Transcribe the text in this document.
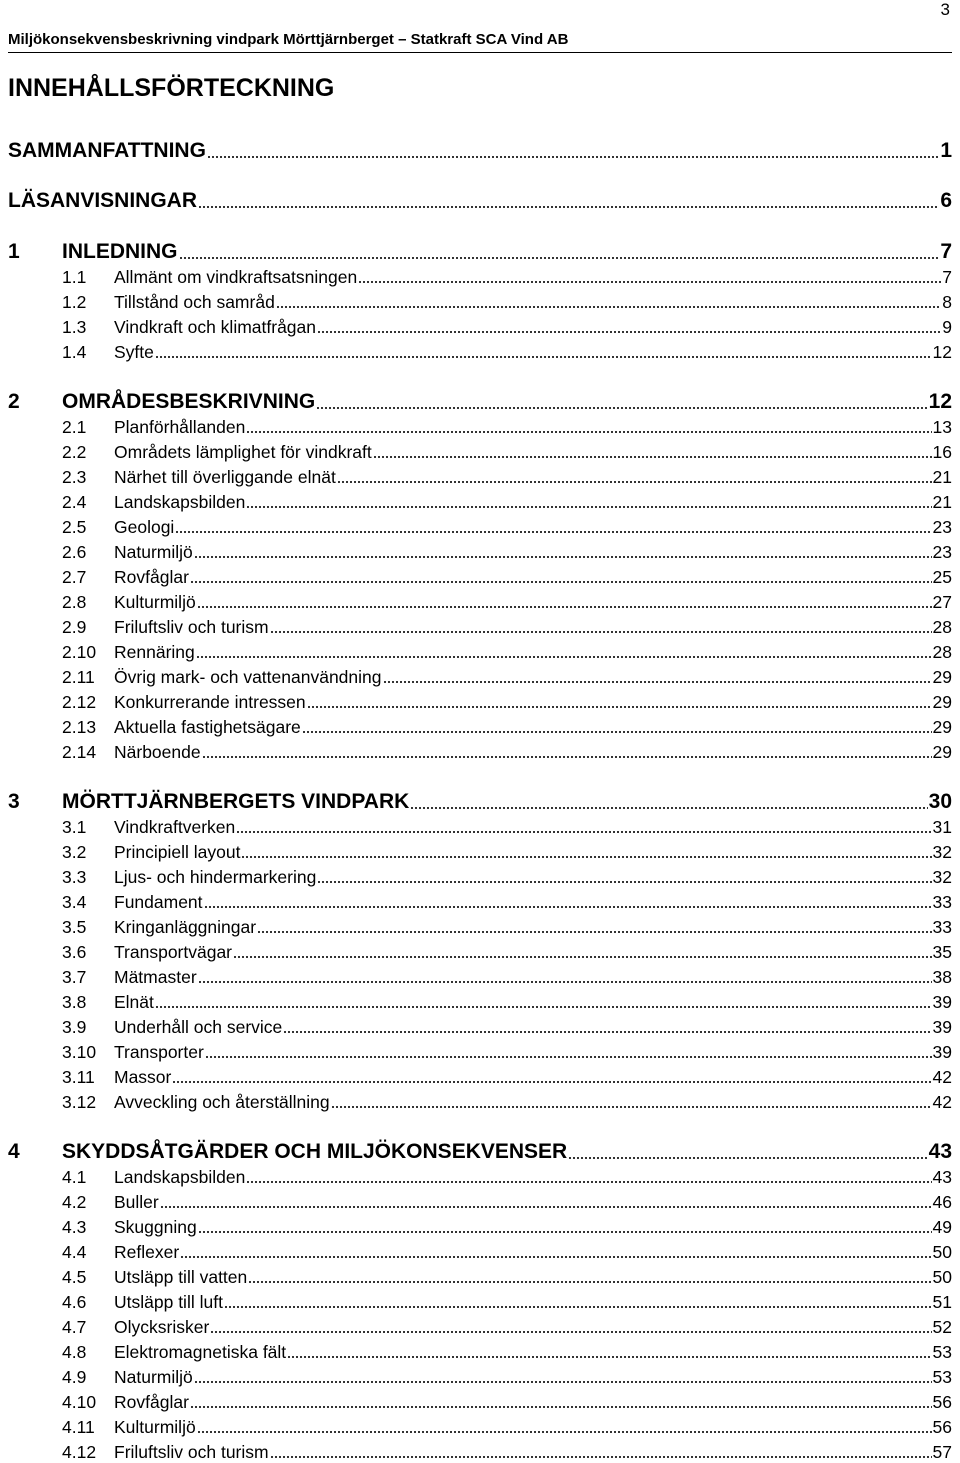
3
Miljökonsekvensbeskrivning vindpark Mörttjärnberget – Statkraft SCA Vind AB
INNEHÅLLSFÖRTECKNING
SAMMANFATTNING	1
LÄSANVISNINGAR	6
1	INLEDNING	7
1.1	Allmänt om vindkraftsatsningen	7
1.2	Tillstånd och samråd	8
1.3	Vindkraft och klimatfrågan	9
1.4	Syfte	12
2	OMRÅDESBESKRIVNING	12
2.1	Planförhållanden	13
2.2	Områdets lämplighet för vindkraft	16
2.3	Närhet till överliggande elnät	21
2.4	Landskapsbilden	21
2.5	Geologi	23
2.6	Naturmiljö	23
2.7	Rovfåglar	25
2.8	Kulturmiljö	27
2.9	Friluftsliv och turism	28
2.10	Rennäring	28
2.11	Övrig mark- och vattenanvändning	29
2.12	Konkurrerande intressen	29
2.13	Aktuella fastighetsägare	29
2.14	Närboende	29
3	MÖRTTJÄRNBERGETS VINDPARK	30
3.1	Vindkraftverken	31
3.2	Principiell layout	32
3.3	Ljus- och hindermarkering	32
3.4	Fundament	33
3.5	Kringanläggningar	33
3.6	Transportvägar	35
3.7	Mätmaster	38
3.8	Elnät	39
3.9	Underhåll och service	39
3.10	Transporter	39
3.11	Massor	42
3.12	Avveckling och återställning	42
4	SKYDDSÅTGÄRDER OCH MILJÖKONSEKVENSER	43
4.1	Landskapsbilden	43
4.2	Buller	46
4.3	Skuggning	49
4.4	Reflexer	50
4.5	Utsläpp till vatten	50
4.6	Utsläpp till luft	51
4.7	Olycksrisker	52
4.8	Elektromagnetiska fält	53
4.9	Naturmiljö	53
4.10	Rovfåglar	56
4.11	Kulturmiljö	56
4.12	Friluftsliv och turism	57
